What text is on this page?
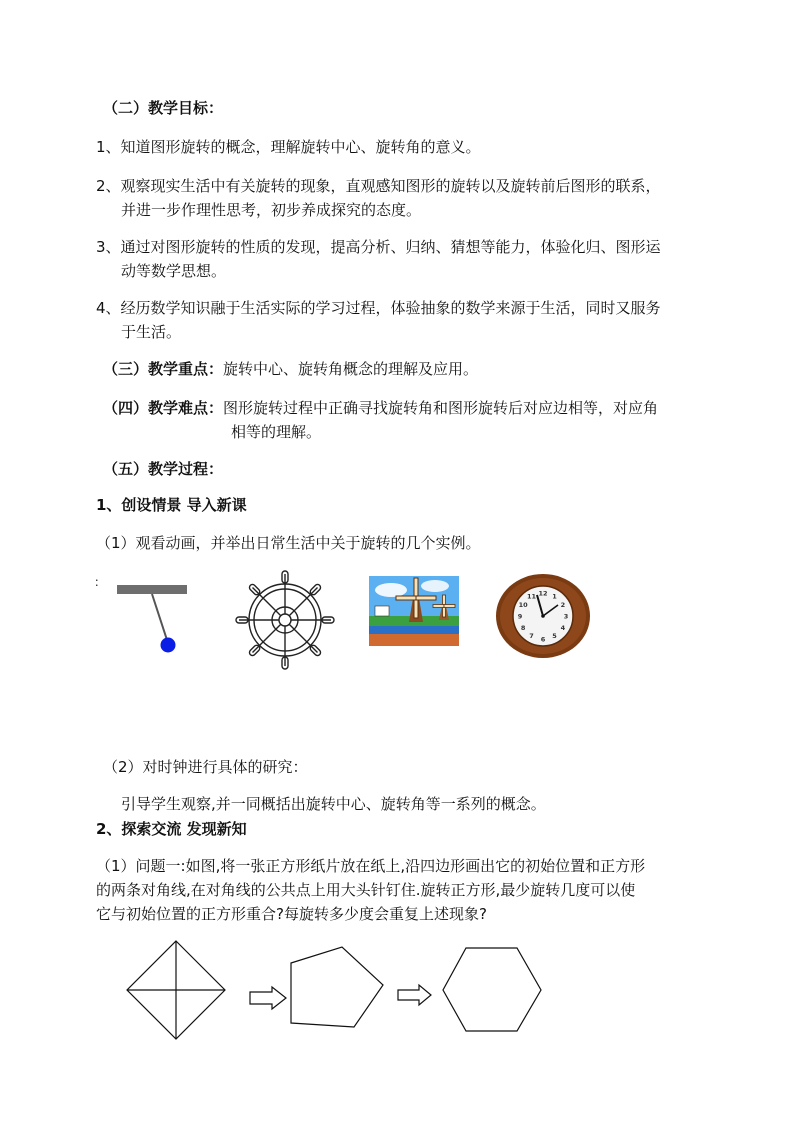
（二）教学目标：
1、知道图形旋转的概念，理解旋转中心、旋转角的意义。
2、观察现实生活中有关旋转的现象，直观感知图形的旋转以及旋转前后图形的联系，
并进一步作理性思考，初步养成探究的态度。
3、通过对图形旋转的性质的发现，提高分析、归纳、猜想等能力，体验化归、图形运
动等数学思想。
4、经历数学知识融于生活实际的学习过程，体验抽象的数学来源于生活，同时又服务
于生活。
（三）教学重点：旋转中心、旋转角概念的理解及应用。
（四）教学难点：图形旋转过程中正确寻找旋转角和图形旋转后对应边相等，对应角
相等的理解。
（五）教学过程：
1、创设情景 导入新课
（1）观看动画，并举出日常生活中关于旋转的几个实例。
：
12 1
2
3
4
5
6
7
8
9
10
11
（2）对时钟进行具体的研究：
引导学生观察,并一同概括出旋转中心、旋转角等一系列的概念。
2、探索交流 发现新知
（1）问题一:如图,将一张正方形纸片放在纸上,沿四边形画出它的初始位置和正方形
的两条对角线,在对角线的公共点上用大头针钉住.旋转正方形,最少旋转几度可以使
它与初始位置的正方形重合?每旋转多少度会重复上述现象?
